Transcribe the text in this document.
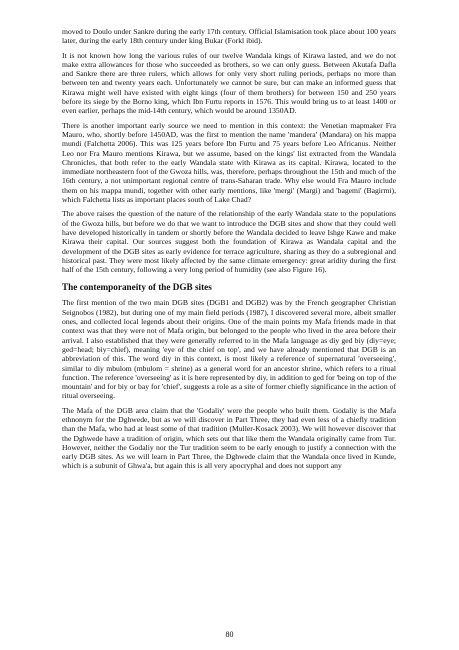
moved to Doulo under Sankre during the early 17th century. Official Islamisation took place about 100 years later, during the early 18th century under king Bukar (Forkl ibid).

It is not known how long the various rules of our twelve Wandala kings of Kirawa lasted, and we do not make extra allowances for those who succeeded as brothers, so we can only guess. Between Akutafa Dafla and Sankre there are three rulers, which allows for only very short ruling periods, perhaps no more than between ten and twenty years each. Unfortunately we cannot be sure, but can make an informed guess that Kirawa might well have existed with eight kings (four of them brothers) for between 150 and 250 years before its siege by the Borno king, which Ibn Furtu reports in 1576. This would bring us to at least 1400 or even earlier, perhaps the mid-14th century, which would be around 1350AD.

There is another important early source we need to mention in this context: the Venetian mapmaker Fra Mauro, who, shortly before 1450AD, was the first to mention the name 'mandera' (Mandara) on his mappa mundi (Falchetta 2006). This was 125 years before Ibn Furtu and 75 years before Leo Africanus. Neither Leo nor Fra Mauro mentions Kirawa, but we assume, based on the kings' list extracted from the Wandala Chronicles, that both refer to the early Wandala state with Kirawa as its capital. Kirawa, located to the immediate northeastern foot of the Gwoza hills, was, therefore, perhaps throughout the 15th and much of the 16th century, a not unimportant regional centre of trans-Saharan trade. Why else would Fra Mauro include them on his mappa mundi, together with other early mentions, like 'mergi' (Margi) and 'bagemi' (Bagirmi), which Falchetta lists as important places south of Lake Chad?

The above raises the question of the nature of the relationship of the early Wandala state to the populations of the Gwoza hills, but before we do that we want to introduce the DGB sites and show that they could well have developed historically in tandem or shortly before the Wandala decided to leave Ishge Kawe and make Kirawa their capital. Our sources suggest both the foundation of Kirawa as Wandala capital and the development of the DGB sites as early evidence for terrace agriculture, sharing as they do a subregional and historical past. They were most likely affected by the same climate emergency: great aridity during the first half of the 15th century, following a very long period of humidity (see also Figure 16).

The contemporaneity of the DGB sites

The first mention of the two main DGB sites (DGB1 and DGB2) was by the French geographer Christian Seignobos (1982), but during one of my main field periods (1987), I discovered several more, albeit smaller ones, and collected local legends about their origins. One of the main points my Mafa friends made in that context was that they were not of Mafa origin, but belonged to the people who lived in the area before their arrival. I also established that they were generally referred to in the Mafa language as diy ged biy (diy=eye; ged=head; biy=chief), meaning 'eye of the chief on top', and we have already mentioned that DGB is an abbreviation of this. The word diy in this context, is most likely a reference of supernatural 'overseeing', similar to diy mbulom (mbulom = shrine) as a general word for an ancestor shrine, which refers to a ritual function. The reference 'overseeing' as it is here represented by diy, in addition to ged for 'being on top of the mountain' and for biy or bay for 'chief', suggests a role as a site of former chiefly significance in the action of ritual overseeing.

The Mafa of the DGB area claim that the 'Godaliy' were the people who built them. Godaliy is the Mafa ethnonym for the Dghwede, but as we will discover in Part Three, they had even less of a chiefly tradition than the Mafa, who had at least some of that tradition (Muller-Kosack 2003). We will however discover that the Dghwede have a tradition of origin, which sets out that like them the Wandala originally came from Tur. However, neither the Godaliy nor the Tur tradition seem to be early enough to justify a connection with the early DGB sites. As we will learn in Part Three, the Dghwede claim that the Wandala once lived in Kunde, which is a subunit of Ghwa'a, but again this is all very apocryphal and does not support any

80
